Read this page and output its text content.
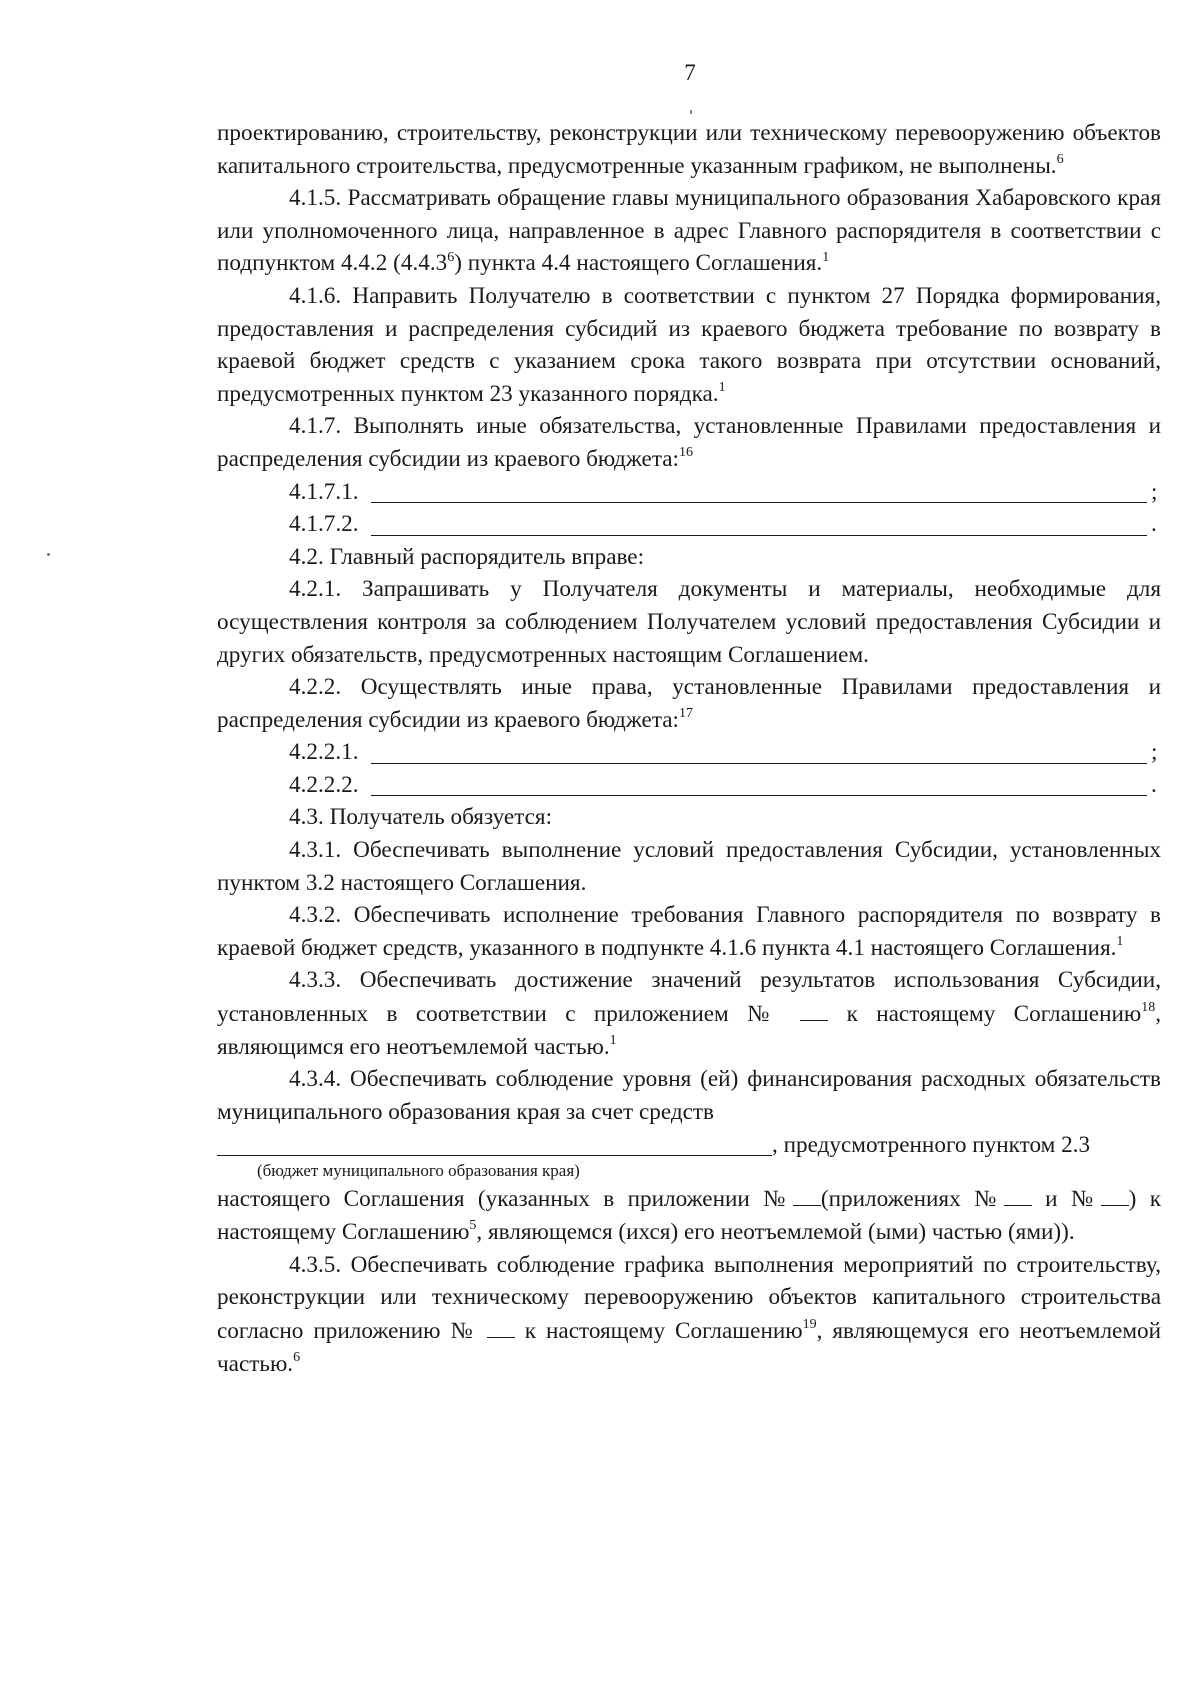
7

проектированию, строительству, реконструкции или техническому перевооружению объектов капитального строительства, предусмотренные указанным графиком, не выполнены.$^6$

4.1.5. Рассматривать обращение главы муниципального образования Хабаровского края или уполномоченного лица, направленное в адрес Главного распорядителя в соответствии с подпунктом 4.4.2 (4.4.3$^6$) пункта 4.4 настоящего Соглашения.$^1$

4.1.6. Направить Получателю в соответствии с пунктом 27 Порядка формирования, предоставления и распределения субсидий из краевого бюджета требование по возврату в краевой бюджет средств с указанием срока такого возврата при отсутствии оснований, предусмотренных пунктом 23 указанного порядка.$^1$

4.1.7. Выполнять иные обязательства, установленные Правилами предоставления и распределения субсидии из краевого бюджета:$^{16}$

4.1.7.1.	;
4.1.7.2.	.

4.2. Главный распорядитель вправе:

4.2.1. Запрашивать у Получателя документы и материалы, необходимые для осуществления контроля за соблюдением Получателем условий предоставления Субсидии и других обязательств, предусмотренных настоящим Соглашением.

4.2.2. Осуществлять иные права, установленные Правилами предоставления и распределения субсидии из краевого бюджета:$^{17}$

4.2.2.1.	;
4.2.2.2.	.

4.3. Получатель обязуется:

4.3.1. Обеспечивать выполнение условий предоставления Субсидии, установленных пунктом 3.2 настоящего Соглашения.

4.3.2. Обеспечивать исполнение требования Главного распорядителя по возврату в краевой бюджет средств, указанного в подпункте 4.1.6 пункта 4.1 настоящего Соглашения.$^1$

4.3.3. Обеспечивать достижение значений результатов использования Субсидии, установленных в соответствии с приложением №	к настоящему Соглашению$^{18}$, являющимся его неотъемлемой частью.$^1$

4.3.4. Обеспечивать соблюдение уровня (ей) финансирования расходных обязательств муниципального образования края за счет средств

, предусмотренного пунктом 2.3
(бюджет муниципального образования края)

настоящего Соглашения (указанных в приложении № (приложениях № и № ) к настоящему Соглашению$^5$, являющемся (ихся) его неотъемлемой (ыми) частью (ями)).

4.3.5. Обеспечивать соблюдение графика выполнения мероприятий по строительству, реконструкции или техническому перевооружению объектов капитального строительства согласно приложению № к настоящему Соглашению$^{19}$, являющемуся его неотъемлемой частью.$^6$
